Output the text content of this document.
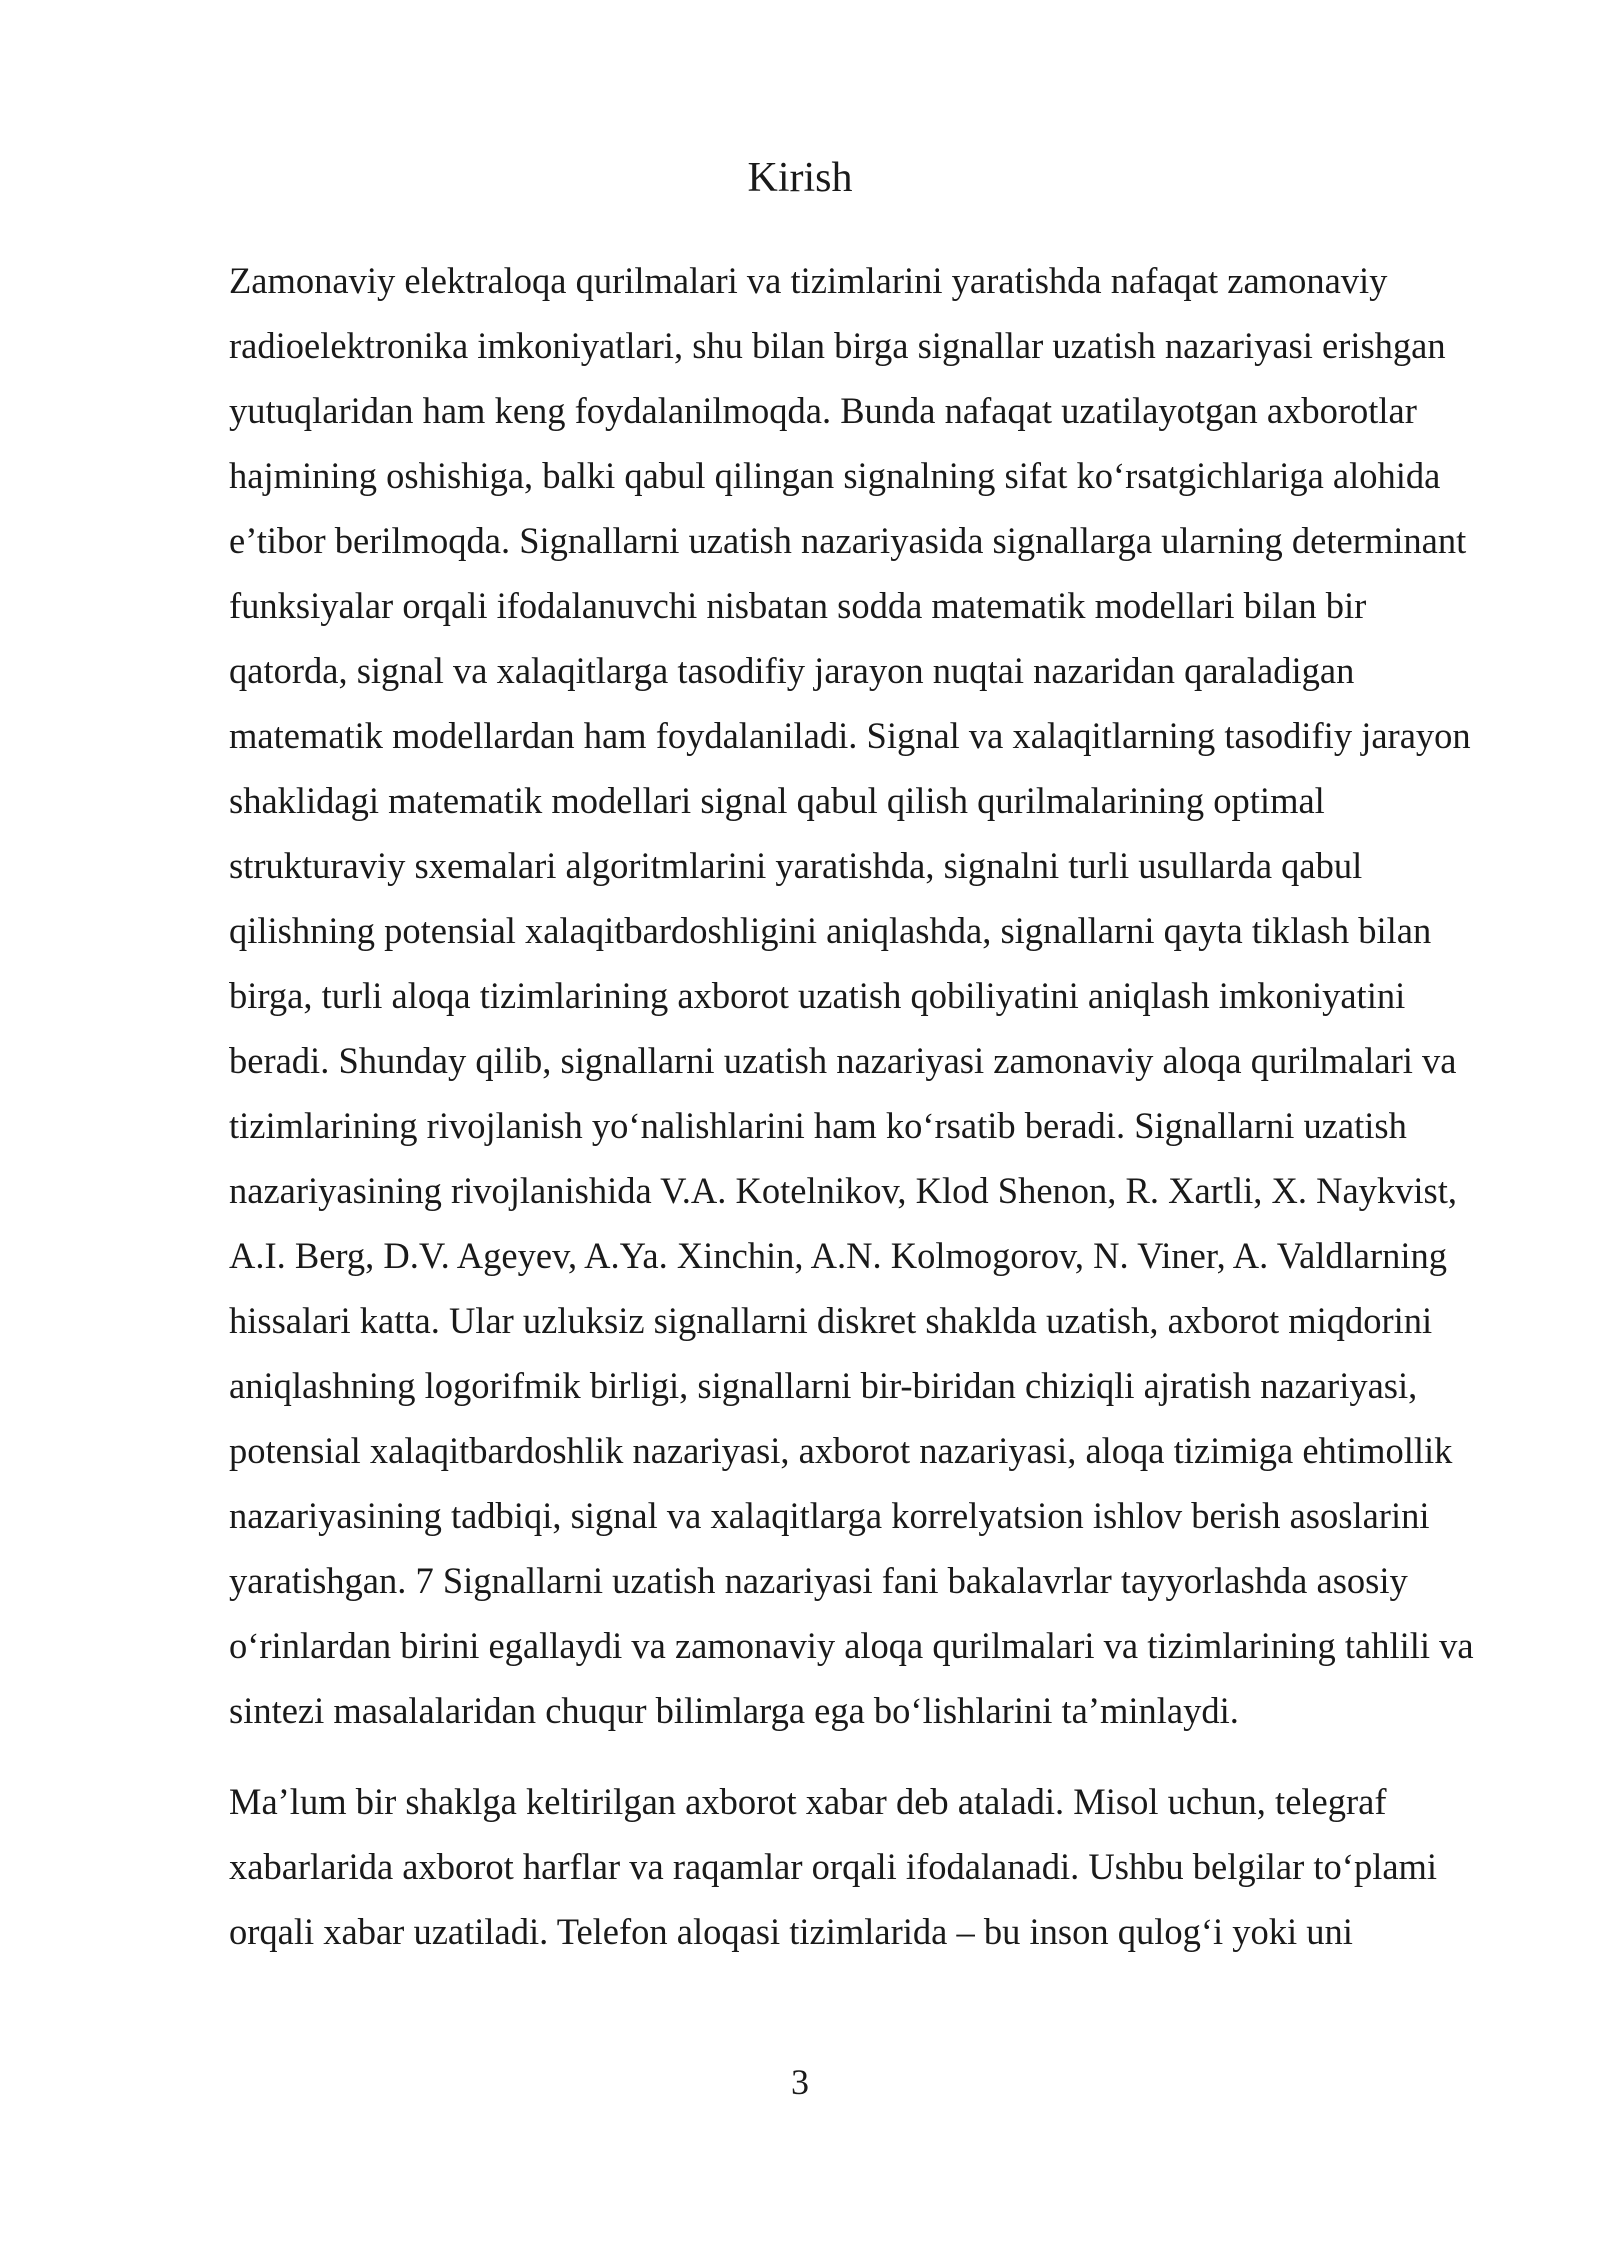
Kirish

Zamonaviy elektraloqa qurilmalari va tizimlarini yaratishda nafaqat zamonaviy radioelektronika imkoniyatlari, shu bilan birga signallar uzatish nazariyasi erishgan yutuqlaridan ham keng foydalanilmoqda. Bunda nafaqat uzatilayotgan axborotlar hajmining oshishiga, balki qabul qilingan signalning sifat ko‘rsatgichlariga alohida e’tibor berilmoqda. Signallarni uzatish nazariyasida signallarga ularning determinant funksiyalar orqali ifodalanuvchi nisbatan sodda matematik modellari bilan bir qatorda, signal va xalaqitlarga tasodifiy jarayon nuqtai nazaridan qaraladigan matematik modellardan ham foydalaniladi. Signal va xalaqitlarning tasodifiy jarayon shaklidagi matematik modellari signal qabul qilish qurilmalarining optimal strukturaviy sxemalari algoritmlarini yaratishda, signalni turli usullarda qabul qilishning potensial xalaqitbardoshligini aniqlashda, signallarni qayta tiklash bilan birga, turli aloqa tizimlarining axborot uzatish qobiliyatini aniqlash imkoniyatini beradi. Shunday qilib, signallarni uzatish nazariyasi zamonaviy aloqa qurilmalari va tizimlarining rivojlanish yo‘nalishlarini ham ko‘rsatib beradi. Signallarni uzatish nazariyasining rivojlanishida V.A. Kotelnikov, Klod Shenon, R. Xartli, X. Naykvist, A.I. Berg, D.V. Ageyev, A.Ya. Xinchin, A.N. Kolmogorov, N. Viner, A. Valdlarning hissalari katta. Ular uzluksiz signallarni diskret shakldа uzatish, axborot miqdorini aniqlashning logorifmik birligi, signallarni bir-biridan chiziqli ajratish nazariyasi, potensial xalaqitbardoshlik nazariyasi, axborot nazariyasi, aloqa tizimiga ehtimollik nazariyasining tadbiqi, signal va xalaqitlarga korrelyatsion ishlov berish asoslarini yaratishgan. 7 Signallarni uzatish nazariyasi fani bakalavrlar tayyorlashda asosiy o‘rinlardan birini egallaydi va zamonaviy aloqa qurilmalari va tizimlarining tahlili va sintezi masalalaridan chuqur bilimlarga ega bo‘lishlarini ta’minlaydi.

Ma’lum bir shaklga keltirilgan axborot xabar deb ataladi. Misol uchun, telegraf xabarlarida axborot harflar va raqamlar orqali ifodalanadi. Ushbu belgilar to‘plami orqali xabar uzatiladi. Telefon aloqasi tizimlarida – bu inson qulog‘i yoki uni

3
